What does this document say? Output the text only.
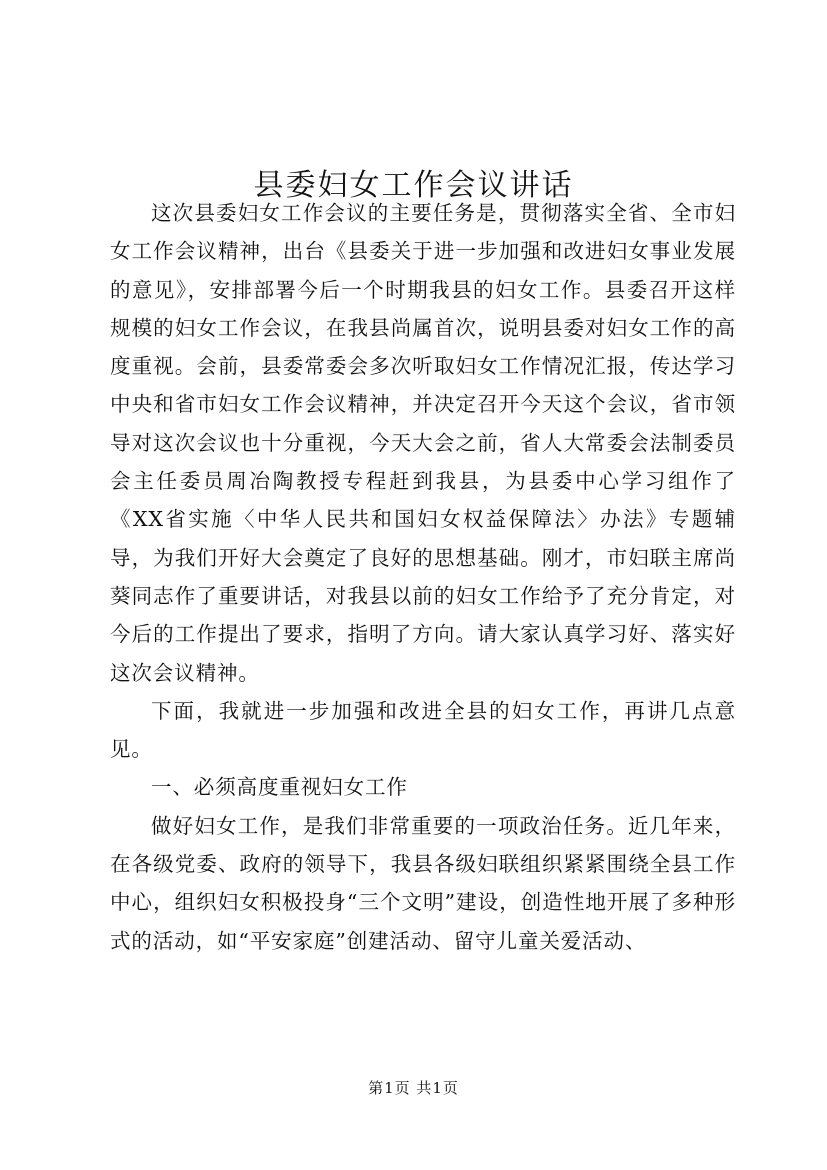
县委妇女工作会议讲话

这次县委妇女工作会议的主要任务是，贯彻落实全省、全市妇女工作会议精神，出台《县委关于进一步加强和改进妇女事业发展的意见》，安排部署今后一个时期我县的妇女工作。县委召开这样规模的妇女工作会议，在我县尚属首次，说明县委对妇女工作的高度重视。会前，县委常委会多次听取妇女工作情况汇报，传达学习中央和省市妇女工作会议精神，并决定召开今天这个会议，省市领导对这次会议也十分重视，今天大会之前，省人大常委会法制委员会主任委员周冶陶教授专程赶到我县，为县委中心学习组作了《XX省实施〈中华人民共和国妇女权益保障法〉办法》专题辅导，为我们开好大会奠定了良好的思想基础。刚才，市妇联主席尚葵同志作了重要讲话，对我县以前的妇女工作给予了充分肯定，对今后的工作提出了要求，指明了方向。请大家认真学习好、落实好这次会议精神。

下面，我就进一步加强和改进全县的妇女工作，再讲几点意见。

一、必须高度重视妇女工作

做好妇女工作，是我们非常重要的一项政治任务。近几年来，在各级党委、政府的领导下，我县各级妇联组织紧紧围绕全县工作中心，组织妇女积极投身“三个文明”建设，创造性地开展了多种形式的活动，如“平安家庭”创建活动、留守儿童关爱活动、

第1页 共1页
